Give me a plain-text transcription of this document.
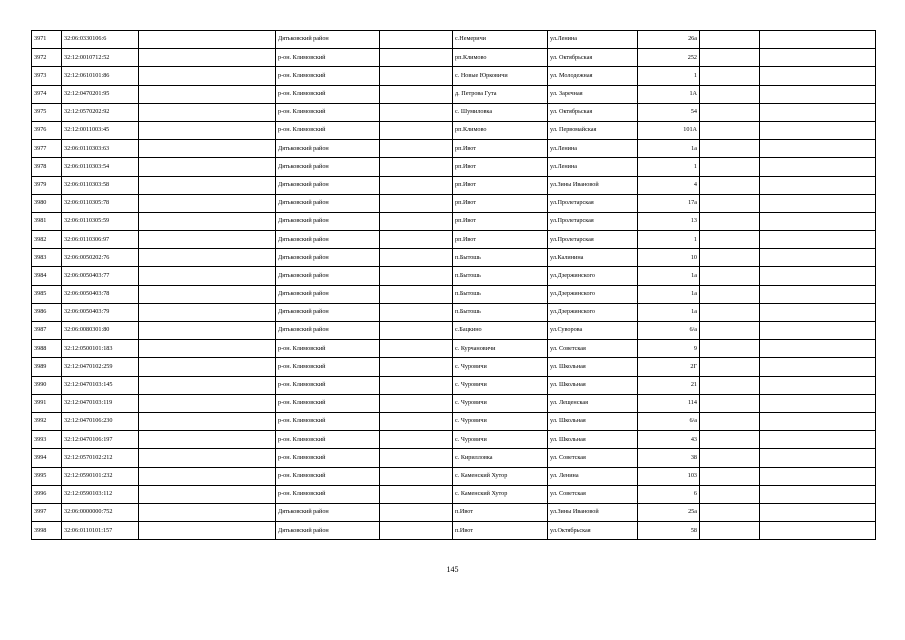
3971	32:06:0330106:6		Дятьковский район		с.Немеричи	ул.Ленина	26а		
3972	32:12:0010712:52		р-он. Климовский		рп.Климово	ул. Октябрьская	252		
3973	32:12:0610101:86		р-он. Климовский		с. Новые Юрковичи	ул. Молодежная	1		
3974	32:12:0470201:95		р-он. Климовский		д. Петрова Гута	ул. Заречная	1А		
3975	32:12:0570202:92		р-он. Климовский		с. Шумиловка	ул. Октябрьская	54		
3976	32:12:0011003:45		р-он. Климовский		рп.Климово	ул. Первомайская	101А		
3977	32:06:0110303:63		Дятьковский район		рп.Ивот	ул.Ленина	1а		
3978	32:06:0110303:54		Дятьковский район		рп.Ивот	ул.Ленина	1		
3979	32:06:0110303:58		Дятьковский район		рп.Ивот	ул.Зины Ивановой	4		
3980	32:06:0110305:78		Дятьковский район		рп.Ивот	ул.Пролетарская	17а		
3981	32:06:0110305:59		Дятьковский район		рп.Ивот	ул.Пролетарская	13		
3982	32:06:0110306:97		Дятьковский район		рп.Ивот	ул.Пролетарская	1		
3983	32:06:0050202:76		Дятьковский район		п.Бытошь	ул.Калинина	10		
3984	32:06:0050403:77		Дятьковский район		п.Бытошь	ул.Дзержинского	1а		
3985	32:06:0050403:78		Дятьковский район		п.Бытошь	ул.Дзержинского	1а		
3986	32:06:0050403:79		Дятьковский район		п.Бытошь	ул.Дзержинского	1а		
3987	32:06:0080301:80		Дятьковский район		с.Бацкино	ул.Суворова	6/а		
3988	32:12:0500101:183		р-он. Климовский		с. Курчановичи	ул. Советская	9		
3989	32:12:0470102:259		р-он. Климовский		с. Чуровичи	ул. Школьная	2Г		
3990	32:12:0470103:145		р-он. Климовский		с. Чуровичи	ул. Школьная	21		
3991	32:12:0470103:119		р-он. Климовский		с. Чуровичи	ул. Лещенская	114		
3992	32:12:0470106:230		р-он. Климовский		с. Чуровичи	ул. Школьная	6/а		
3993	32:12:0470106:197		р-он. Климовский		с. Чуровичи	ул. Школьная	43		
3994	32:12:0570102:212		р-он. Климовский		с. Кирилловка	ул. Советская	38		
3995	32:12:0590101:232		р-он. Климовский		с. Каменский Хутор	ул. Ленина	103		
3996	32:12:0590103:112		р-он. Климовский		с. Каменский Хутор	ул. Советская	6		
3997	32:06:0000000:752		Дятьковский район		п.Ивот	ул.Зины Ивановой	25а		
3998	32:06:0110101:157		Дятьковский район		п.Ивот	ул.Октябрьская	58		
145
